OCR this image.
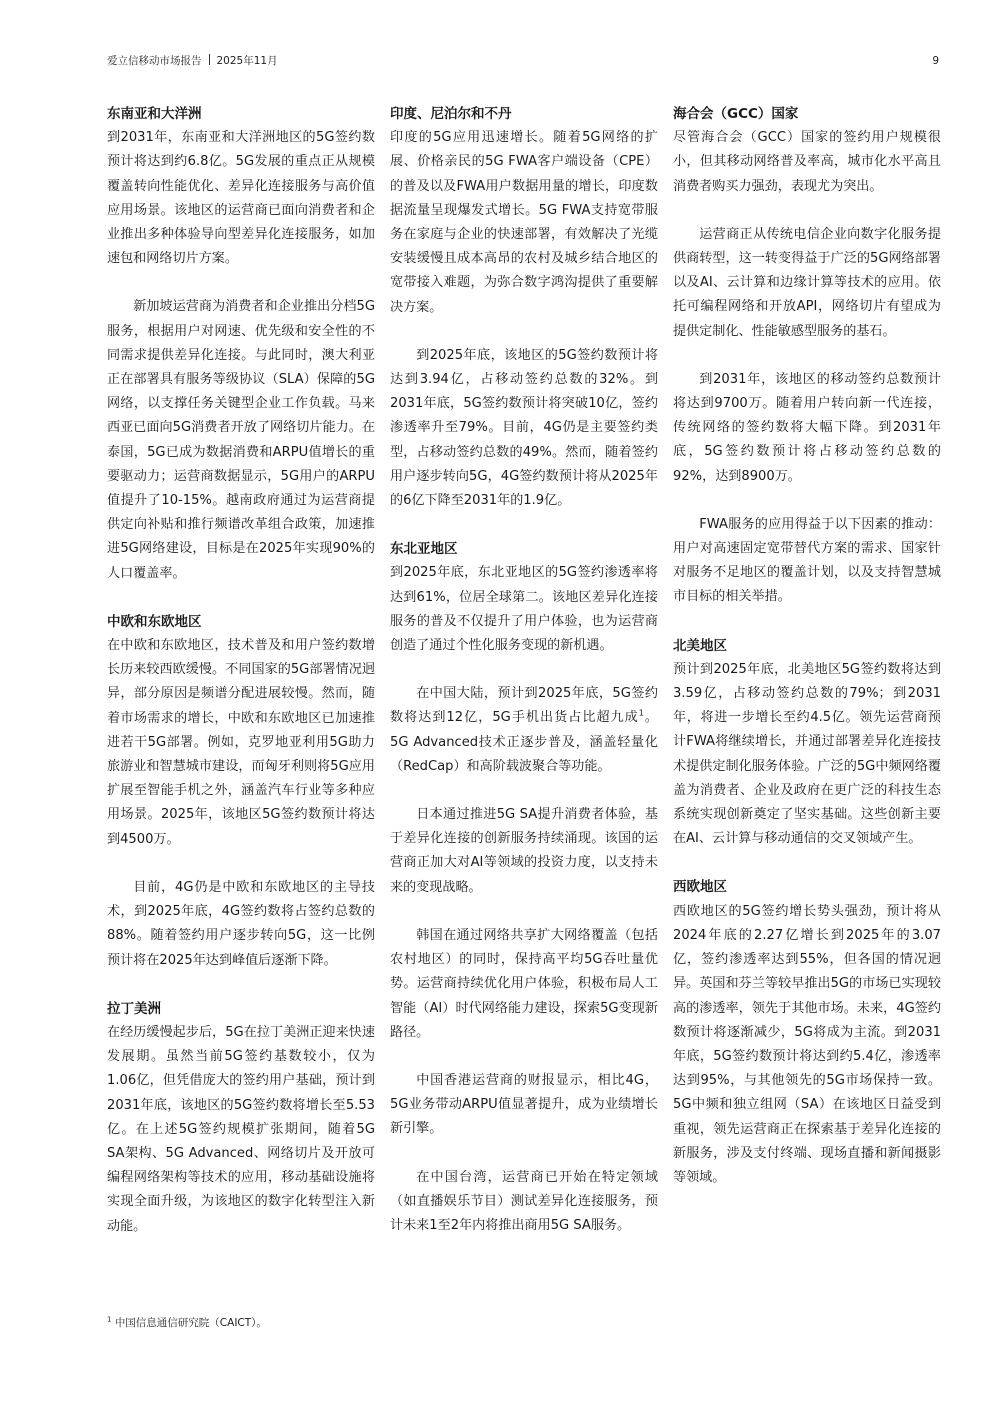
爱立信移动市场报告 2025年11月	9
东南亚和大洋洲

到2031年，东南亚和大洋洲地区的5G签约数预计将达到约6.8亿。5G发展的重点正从规模覆盖转向性能优化、差异化连接服务与高价值应用场景。该地区的运营商已面向消费者和企业推出多种体验导向型差异化连接服务，如加速包和网络切片方案。

新加坡运营商为消费者和企业推出分档5G服务，根据用户对网速、优先级和安全性的不同需求提供差异化连接。与此同时，澳大利亚正在部署具有服务等级协议（SLA）保障的5G网络，以支撑任务关键型企业工作负载。马来西亚已面向5G消费者开放了网络切片能力。在泰国，5G已成为数据消费和ARPU值增长的重要驱动力；运营商数据显示，5G用户的ARPU值提升了10-15%。越南政府通过为运营商提供定向补贴和推行频谱改革组合政策，加速推进5G网络建设，目标是在2025年实现90%的人口覆盖率。

中欧和东欧地区

在中欧和东欧地区，技术普及和用户签约数增长历来较西欧缓慢。不同国家的5G部署情况迥异，部分原因是频谱分配进展较慢。然而，随着市场需求的增长，中欧和东欧地区已加速推进若干5G部署。例如，克罗地亚利用5G助力旅游业和智慧城市建设，而匈牙利则将5G应用扩展至智能手机之外，涵盖汽车行业等多种应用场景。2025年，该地区5G签约数预计将达到4500万。

目前，4G仍是中欧和东欧地区的主导技术，到2025年底，4G签约数将占签约总数的88%。随着签约用户逐步转向5G，这一比例预计将在2025年达到峰值后逐渐下降。

拉丁美洲

在经历缓慢起步后，5G在拉丁美洲正迎来快速发展期。虽然当前5G签约基数较小，仅为1.06亿，但凭借庞大的签约用户基础，预计到2031年底，该地区的5G签约数将增长至5.53亿。在上述5G签约规模扩张期间，随着5G SA架构、5G Advanced、网络切片及开放可编程网络架构等技术的应用，移动基础设施将实现全面升级，为该地区的数字化转型注入新动能。

印度、尼泊尔和不丹

印度的5G应用迅速增长。随着5G网络的扩展、价格亲民的5G FWA客户端设备（CPE）的普及以及FWA用户数据用量的增长，印度数据流量呈现爆发式增长。5G FWA支持宽带服务在家庭与企业的快速部署，有效解决了光缆安装缓慢且成本高昂的农村及城乡结合地区的宽带接入难题，为弥合数字鸿沟提供了重要解决方案。

到2025年底，该地区的5G签约数预计将达到3.94亿，占移动签约总数的32%。到2031年底，5G签约数预计将突破10亿，签约渗透率升至79%。目前，4G仍是主要签约类型，占移动签约总数的49%。然而，随着签约用户逐步转向5G，4G签约数预计将从2025年的6亿下降至2031年的1.9亿。

东北亚地区

到2025年底，东北亚地区的5G签约渗透率将达到61%，位居全球第二。该地区差异化连接服务的普及不仅提升了用户体验，也为运营商创造了通过个性化服务变现的新机遇。

在中国大陆，预计到2025年底，5G签约数将达到12亿，5G手机出货占比超九成$^1$。5G Advanced技术正逐步普及，涵盖轻量化（RedCap）和高阶载波聚合等功能。

日本通过推进5G SA提升消费者体验，基于差异化连接的创新服务持续涌现。该国的运营商正加大对AI等领域的投资力度，以支持未来的变现战略。

韩国在通过网络共享扩大网络覆盖（包括农村地区）的同时，保持高平均5G吞吐量优势。运营商持续优化用户体验，积极布局人工智能（AI）时代网络能力建设，探索5G变现新路径。

中国香港运营商的财报显示，相比4G，5G业务带动ARPU值显著提升，成为业绩增长新引擎。

在中国台湾，运营商已开始在特定领域（如直播娱乐节目）测试差异化连接服务，预计未来1至2年内将推出商用5G SA服务。

海合会（GCC）国家

尽管海合会（GCC）国家的签约用户规模很小，但其移动网络普及率高，城市化水平高且消费者购买力强劲，表现尤为突出。

运营商正从传统电信企业向数字化服务提供商转型，这一转变得益于广泛的5G网络部署以及AI、云计算和边缘计算等技术的应用。依托可编程网络和开放API，网络切片有望成为提供定制化、性能敏感型服务的基石。

到2031年，该地区的移动签约总数预计将达到9700万。随着用户转向新一代连接，传统网络的签约数将大幅下降。到2031年底，5G签约数预计将占移动签约总数的92%，达到8900万。

FWA服务的应用得益于以下因素的推动：用户对高速固定宽带替代方案的需求、国家针对服务不足地区的覆盖计划，以及支持智慧城市目标的相关举措。

北美地区

预计到2025年底，北美地区5G签约数将达到3.59亿，占移动签约总数的79%；到2031年，将进一步增长至约4.5亿。领先运营商预计FWA将继续增长，并通过部署差异化连接技术提供定制化服务体验。广泛的5G中频网络覆盖为消费者、企业及政府在更广泛的科技生态系统实现创新奠定了坚实基础。这些创新主要在AI、云计算与移动通信的交叉领域产生。

西欧地区

西欧地区的5G签约增长势头强劲，预计将从2024年底的2.27亿增长到2025年的3.07亿，签约渗透率达到55%，但各国的情况迥异。英国和芬兰等较早推出5G的市场已实现较高的渗透率，领先于其他市场。未来，4G签约数预计将逐渐减少，5G将成为主流。到2031年底，5G签约数预计将达到约5.4亿，渗透率达到95%，与其他领先的5G市场保持一致。5G中频和独立组网（SA）在该地区日益受到重视，领先运营商正在探索基于差异化连接的新服务，涉及支付终端、现场直播和新闻摄影等领域。

$^1$ 中国信息通信研究院（CAICT）。
